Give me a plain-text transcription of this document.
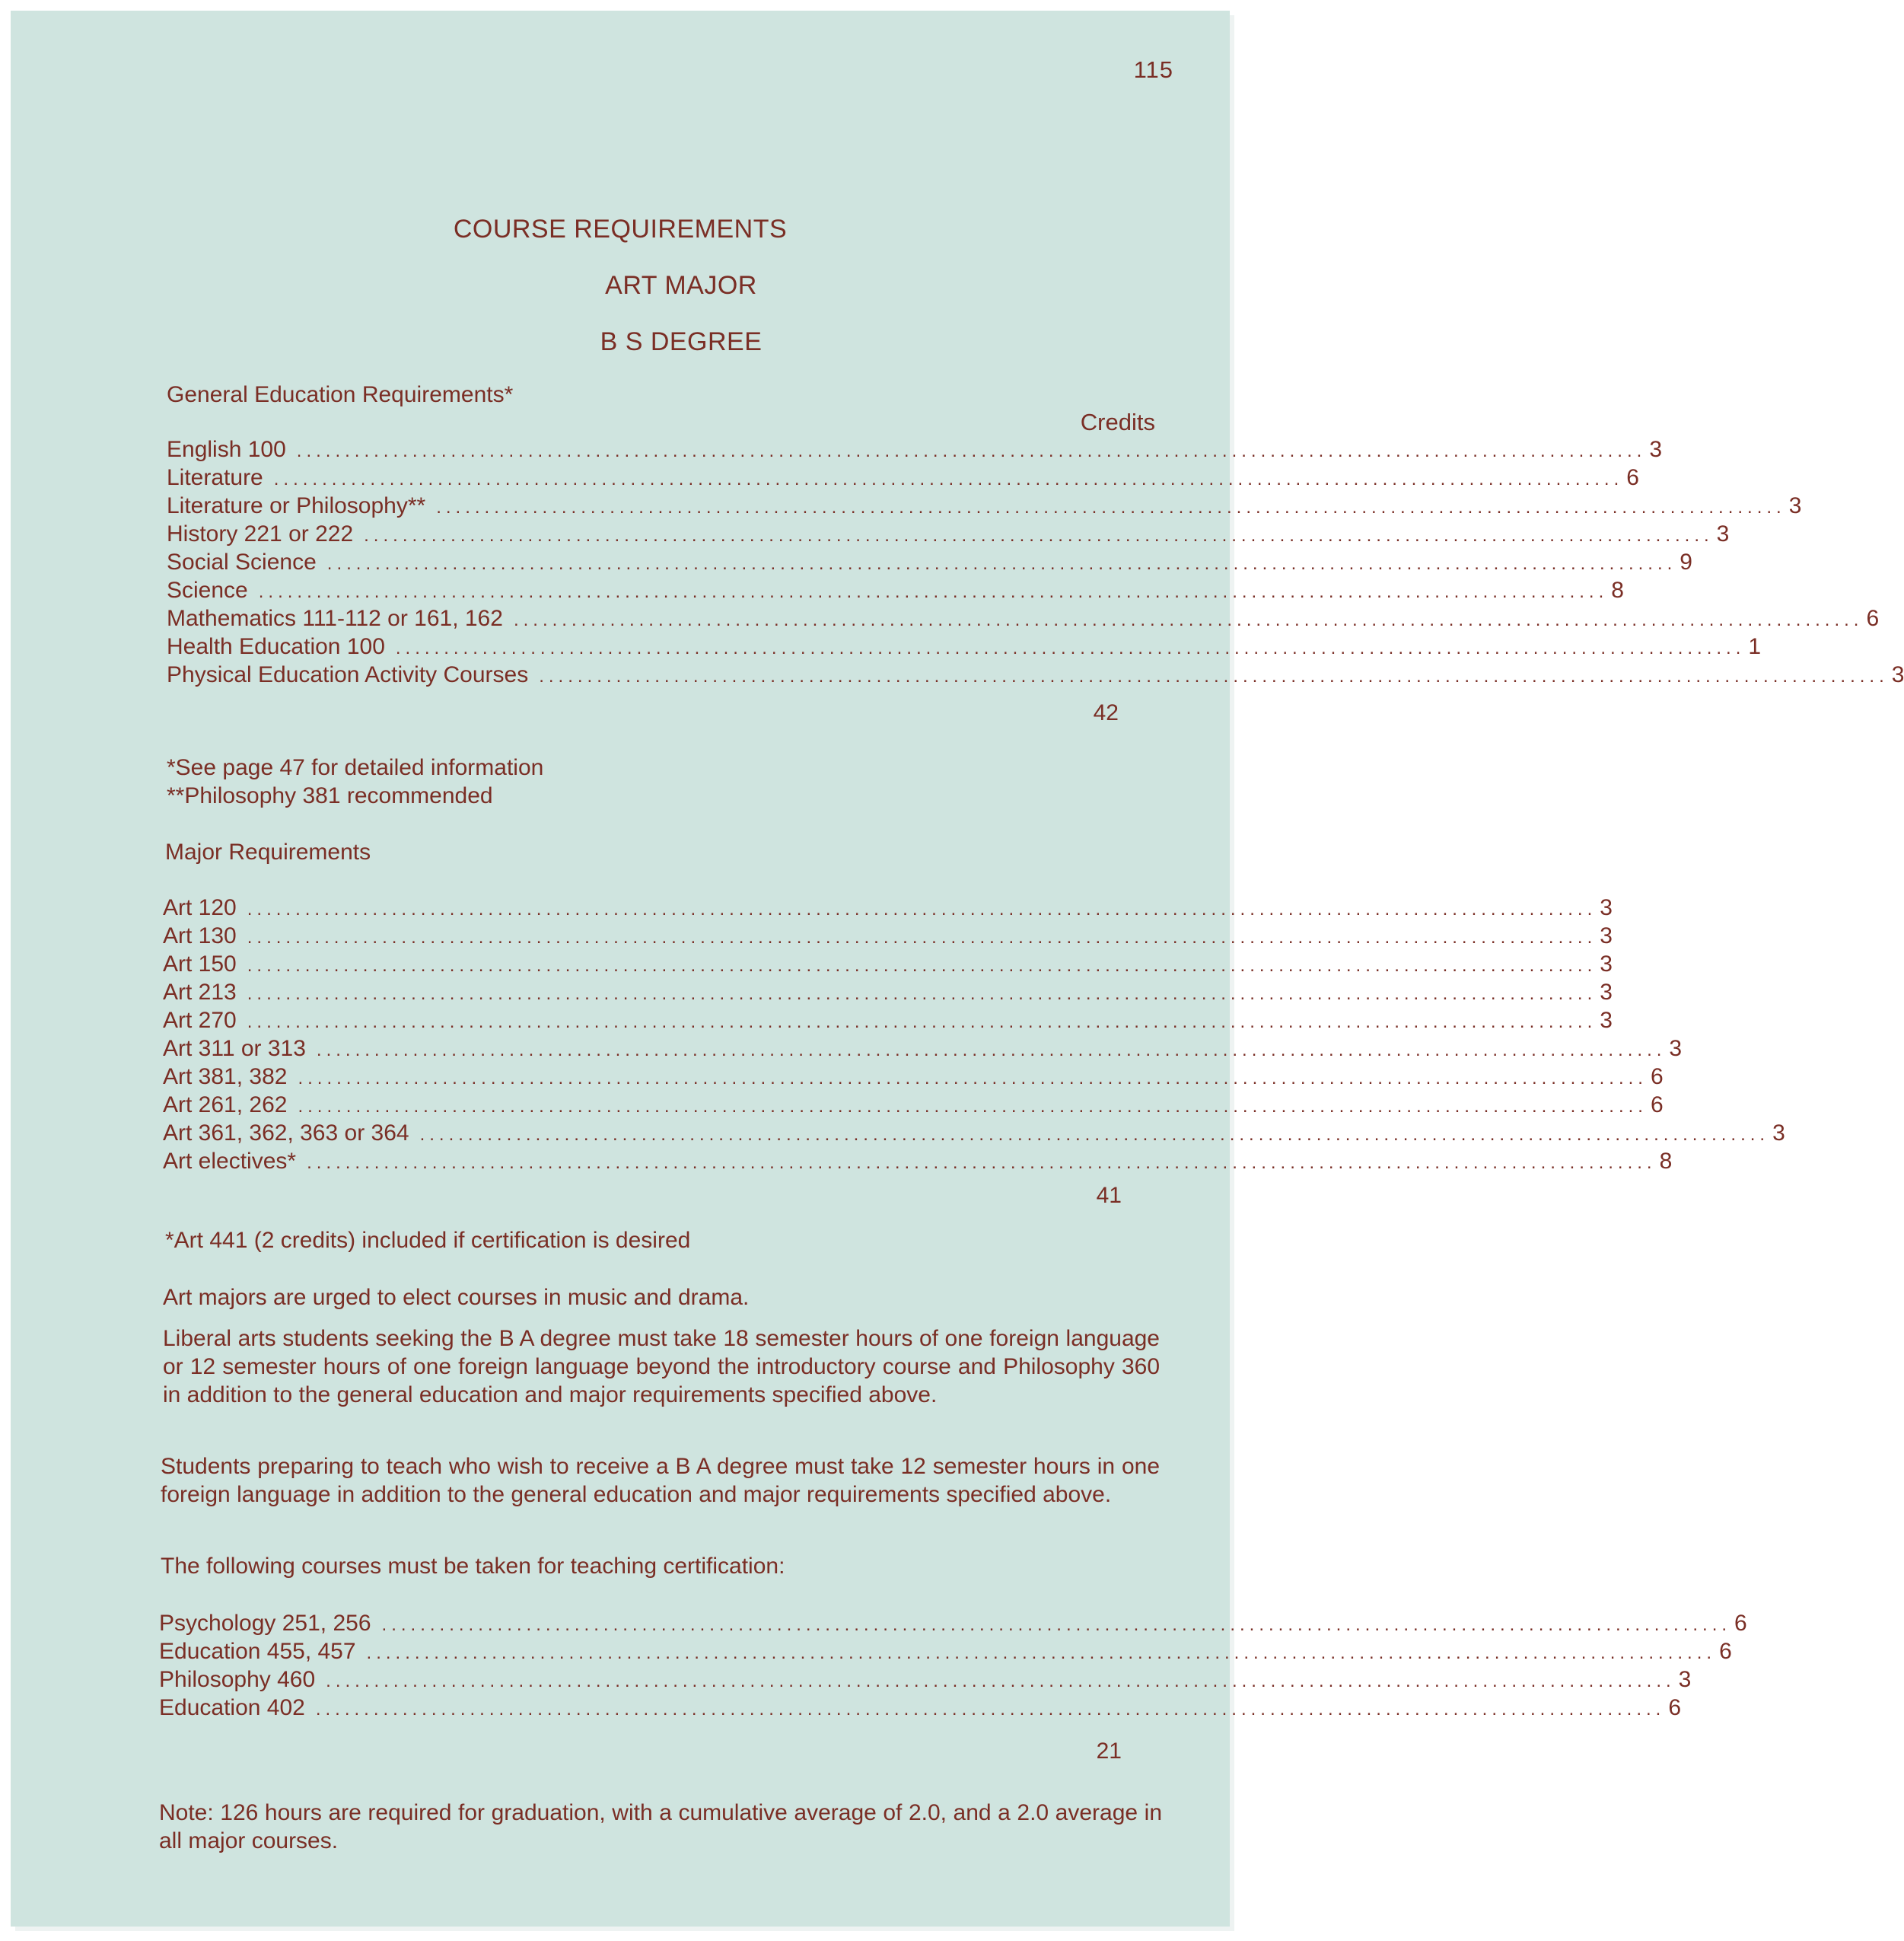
115
COURSE REQUIREMENTS
ART MAJOR
B S DEGREE
General Education Requirements*
Credits
English 100 ............................................................................................................................................ 3
Literature ............................................................................................................................................ 6
Literature or Philosophy** ............................................................................................................................................ 3
History 221 or 222 ............................................................................................................................................ 3
Social Science ............................................................................................................................................ 9
Science ............................................................................................................................................ 8
Mathematics 111-112 or 161, 162 ............................................................................................................................................ 6
Health Education 100 ............................................................................................................................................ 1
Physical Education Activity Courses ............................................................................................................................................ 3
42
*See page 47 for detailed information
**Philosophy 381 recommended
Major Requirements
Art 120 ............................................................................................................................................ 3
Art 130 ............................................................................................................................................ 3
Art 150 ............................................................................................................................................ 3
Art 213 ............................................................................................................................................ 3
Art 270 ............................................................................................................................................ 3
Art 311 or 313 ............................................................................................................................................ 3
Art 381, 382 ............................................................................................................................................ 6
Art 261, 262 ............................................................................................................................................ 6
Art 361, 362, 363 or 364 ............................................................................................................................................ 3
Art electives* ............................................................................................................................................ 8
41
*Art 441 (2 credits) included if certification is desired
Art majors are urged to elect courses in music and drama.
Liberal arts students seeking the B A degree must take 18 semester hours of one foreign language or 12 semester hours of one foreign language beyond the introductory course and Philosophy 360 in addition to the general education and major requirements specified above.
Students preparing to teach who wish to receive a B A degree must take 12 semester hours in one foreign language in addition to the general education and major requirements specified above.
The following courses must be taken for teaching certification:
Psychology 251, 256 ............................................................................................................................................ 6
Education 455, 457 ............................................................................................................................................ 6
Philosophy 460 ............................................................................................................................................ 3
Education 402 ............................................................................................................................................ 6
21
Note: 126 hours are required for graduation, with a cumulative average of 2.0, and a 2.0 average in all major courses.
